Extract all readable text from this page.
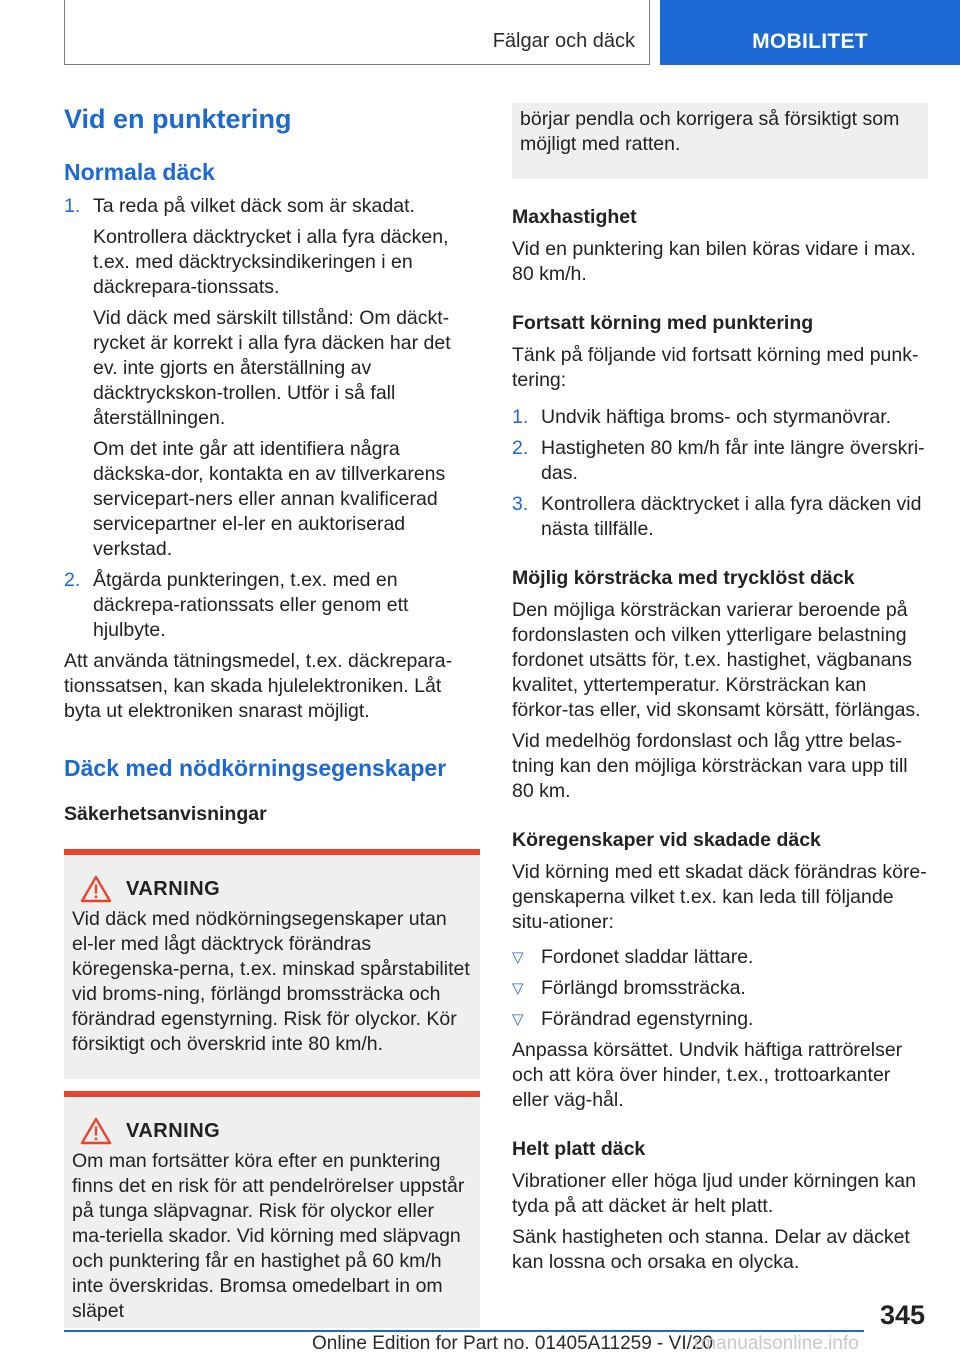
Fälgar och däck	MOBILITET
Vid en punktering
Normala däck
1. Ta reda på vilket däck som är skadat.

Kontrollera däcktrycket i alla fyra däcken, t.ex. med däcktrycksindikeringen i en däckrepara-tionssats.

Vid däck med särskilt tillstånd: Om däckt-rycket är korrekt i alla fyra däcken har det ev. inte gjorts en återställning av däcktryckskon-trollen. Utför i så fall återställningen.

Om det inte går att identifiera några däckska-dor, kontakta en av tillverkarens servicepart-ners eller annan kvalificerad servicepartner el-ler en auktoriserad verkstad.

2. Åtgärda punkteringen, t.ex. med en däckrepa-rationssats eller genom ett hjulbyte.

Att använda tätningsmedel, t.ex. däckrepara-tionssatsen, kan skada hjulelektroniken. Låt byta ut elektroniken snarast möjligt.

Däck med nödkörningsegenskaper
Säkerhetsanvisningar
VARNING

Vid däck med nödkörningsegenskaper utan el-ler med lågt däcktryck förändras köregenska-perna, t.ex. minskad spårstabilitet vid broms-ning, förlängd bromssträcka och förändrad egenstyrning. Risk för olyckor. Kör försiktigt och överskrid inte 80 km/h.

VARNING

Om man fortsätter köra efter en punktering finns det en risk för att pendelrörelser uppstår på tunga släpvagnar. Risk för olyckor eller ma-teriella skador. Vid körning med släpvagn och punktering får en hastighet på 60 km/h inte överskridas. Bromsa omedelbart in om släpet

börjar pendla och korrigera så försiktigt som möjligt med ratten.

Maxhastighet

Vid en punktering kan bilen köras vidare i max. 80 km/h.

Fortsatt körning med punktering

Tänk på följande vid fortsatt körning med punk-tering:

1. Undvik häftiga broms- och styrmanövrar.

2. Hastigheten 80 km/h får inte längre överskri-das.

3. Kontrollera däcktrycket i alla fyra däcken vid nästa tillfälle.

Möjlig körsträcka med trycklöst däck

Den möjliga körsträckan varierar beroende på fordonslasten och vilken ytterligare belastning fordonet utsätts för, t.ex. hastighet, vägbanans kvalitet, yttertemperatur. Körsträckan kan förkor-tas eller, vid skonsamt körsätt, förlängas.

Vid medelhög fordonslast och låg yttre belas-tning kan den möjliga körsträckan vara upp till 80 km.

Köregenskaper vid skadade däck

Vid körning med ett skadat däck förändras köre-genskaperna vilket t.ex. kan leda till följande situ-ationer:

▽ Fordonet sladdar lättare.

▽ Förlängd bromssträcka.

▽ Förändrad egenstyrning.

Anpassa körsättet. Undvik häftiga rattrörelser och att köra över hinder, t.ex., trottoarkanter eller väg-hål.

Helt platt däck

Vibrationer eller höga ljud under körningen kan tyda på att däcket är helt platt.

Sänk hastigheten och stanna. Delar av däcket kan lossna och orsaka en olycka.

345
Online Edition for Part no. 01405A11259 - VI/20
rmanualsonline.info
